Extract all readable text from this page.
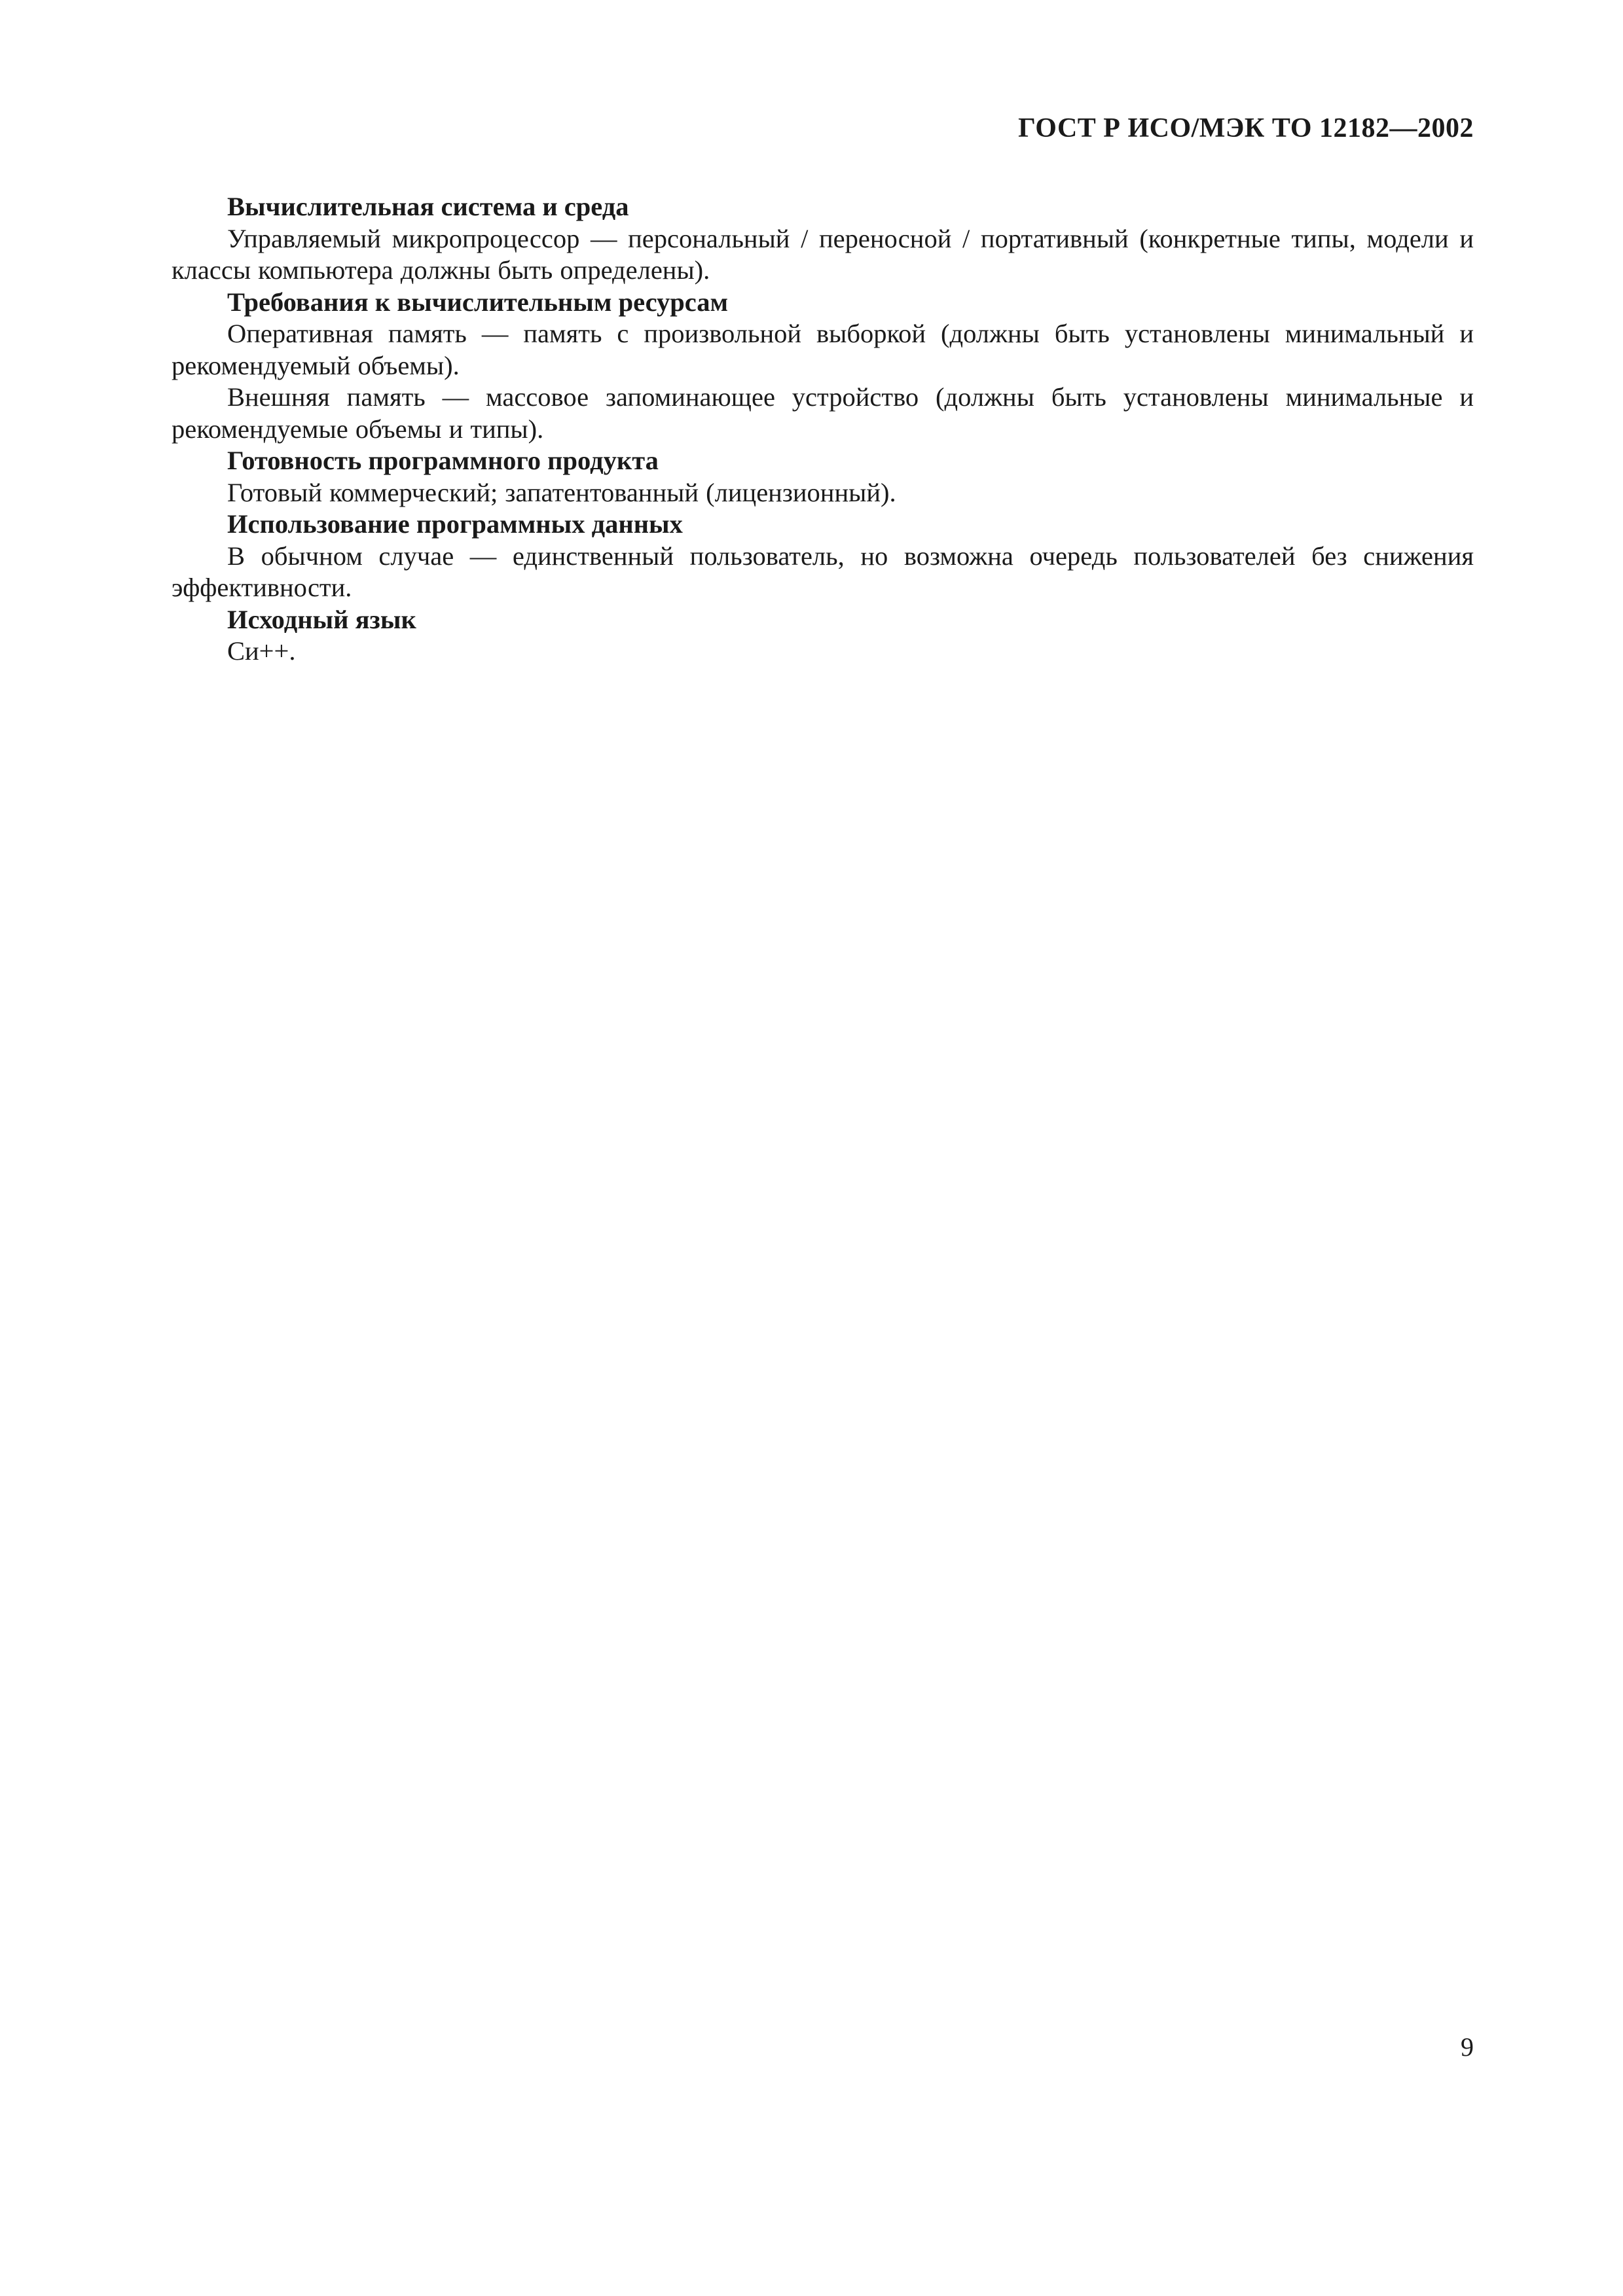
ГОСТ Р ИСО/МЭК ТО 12182—2002

Вычислительная система и среда

Управляемый микропроцессор — персональный / переносной / портативный (конкретные типы, модели и классы компьютера должны быть определены).

Требования к вычислительным ресурсам

Оперативная память — память с произвольной выборкой (должны быть установлены минимальный и рекомендуемый объемы).

Внешняя память — массовое запоминающее устройство (должны быть установлены минимальные и рекомендуемые объемы и типы).

Готовность программного продукта

Готовый коммерческий; запатентованный (лицензионный).

Использование программных данных

В обычном случае — единственный пользователь, но возможна очередь пользователей без снижения эффективности.

Исходный язык

Си++.

9
